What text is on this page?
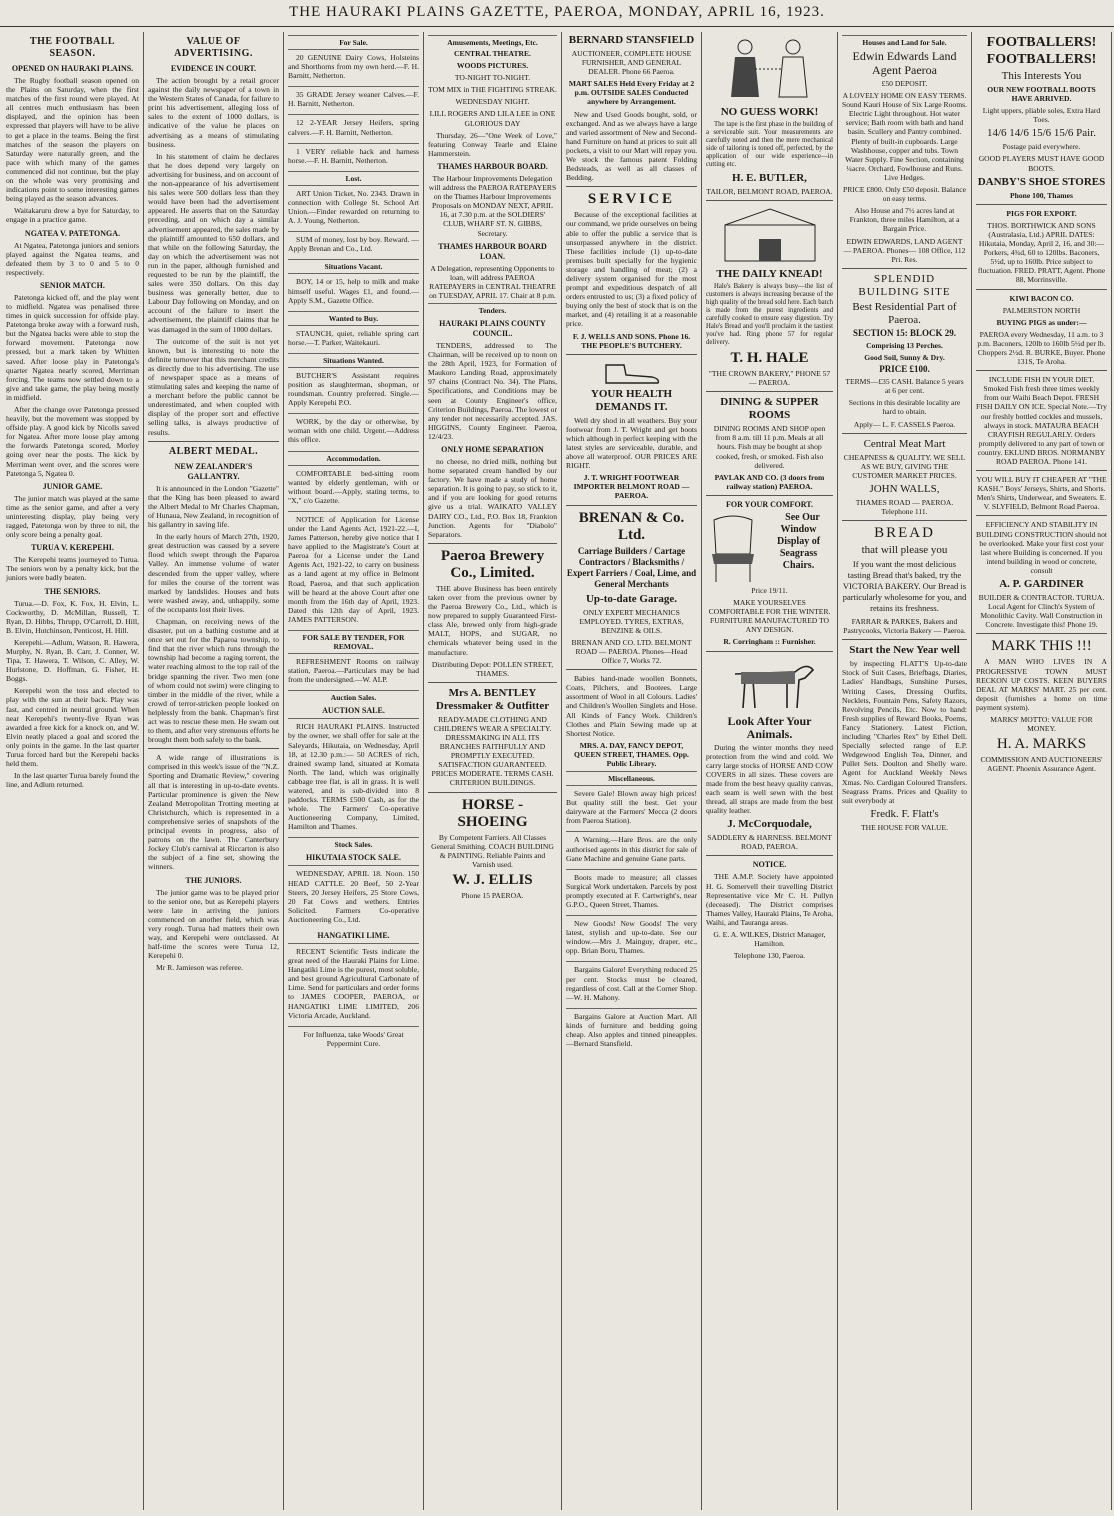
THE HAURAKI PLAINS GAZETTE, PAEROA, MONDAY, APRIL 16, 1923.
THE FOOTBALL SEASON.
OPENED ON HAURAKI PLAINS.

The Rugby football season opened on the Plains on Saturday, when the first matches of the first round were played. At all centres much enthusiasm has been displayed, and the opinion has been expressed that players will have to be alive to get a place in the teams. Being the first matches of the season the players on Saturday were naturally green, and the pace with which many of the games commenced did not continue, but the play on the whole was very promising and indications point to some interesting games being played as the season advances.

Waitakaruru drew a bye for Saturday, to engage in a practice game.

NGATEA V. PATETONGA.

At Ngatea, Patetonga juniors and seniors played against the Ngatea teams, and defeated them by 3 to 0 and 5 to 0 respectively.

SENIOR MATCH.

Patetonga kicked off, and the play went to midfield. Ngatea was penalised three times in quick succession for offside play. Patetonga broke away with a forward rush, but the Ngatea backs were able to stop the forward movement. Patetonga now pressed, but a mark taken by Whitten saved. After loose play in Patetonga's quarter Ngatea nearly scored, Merriman forcing. The teams now settled down to a give and take game, the play being mostly in midfield.

After the change over Patetonga pressed heavily, but the movement was stopped by offside play. A good kick by Nicolls saved for Ngatea. After more loose play among the forwards Patetonga scored, Morley going over near the posts. The kick by Merriman went over, and the scores were Patetonga 5, Ngatea 0.

JUNIOR GAME.

The junior match was played at the same time as the senior game, and after a very uninteresting display, play being very ragged, Patetonga won by three to nil, the only score being a penalty goal.

TURUA V. KEREPEHI.

The Kerepehi teams journeyed to Turua. The seniors won by a penalty kick, but the juniors were badly beaten.

THE SENIORS.

Turua.—D. Fox, K. Fox, H. Elvin, L. Cockworthy, D. McMillan, Russell, T. Ryan, D. Hibbs, Thrupp, O'Carroll, D. Hill, B. Elvin, Hutchinson, Penticost, H. Hill.

Kerepehi.—Adlum, Watson, R. Hawera, Murphy, N. Ryan, B. Carr, J. Conner, W. Tipa, T. Hawera, T. Wilson, C. Alley, W. Hurlstone, D. Hoffman, G. Fisher, H. Boggs.

Kerepehi won the toss and elected to play with the sun at their back. Play was fast, and centred in neutral ground. When near Kerepehi's twenty-five Ryan was awarded a free kick for a knock on, and W. Elvin neatly placed a goal and scored the only points in the game. In the last quarter Turua forced hard but the Kerepehi backs held them.

In the last quarter Turua barely found the line, and Adlum returned.

VALUE OF ADVERTISING.
EVIDENCE IN COURT.

The action brought by a retail grocer against the daily newspaper of a town in the Western States of Canada, for failure to print his advertisement, alleging loss of sales to the extent of 1000 dollars, is indicative of the value he places on advertising as a means of stimulating business.

In his statement of claim he declares that he does depend very largely on advertising for business, and on account of the non-appearance of his advertisement his sales were 500 dollars less than they would have been had the advertisement appeared. He asserts that on the Saturday preceding, and on which day a similar advertisement appeared, the sales made by the plaintiff amounted to 650 dollars, and that while on the following Saturday, the day on which the advertisement was not run in the paper, although furnished and requested to be run by the plaintiff, the sales were 350 dollars. On this day business was generally better, due to Labour Day following on Monday, and on account of the failure to insert the advertisement, the plaintiff claims that he was damaged in the sum of 1000 dollars.

The outcome of the suit is not yet known, but is interesting to note the definite turnover that this merchant credits as directly due to his advertising. The use of newspaper space as a means of stimulating sales and keeping the name of a merchant before the public cannot be underestimated, and when coupled with display of the proper sort and effective selling talks, is always productive of results.

ALBERT MEDAL.
NEW ZEALANDER'S GALLANTRY.

It is announced in the London "Gazette" that the King has been pleased to award the Albert Medal to Mr Charles Chapman, of Hunaua, New Zealand, in recognition of his gallantry in saving life.

In the early hours of March 27th, 1920, great destruction was caused by a severe flood which swept through the Paparoa Valley. An immense volume of water descended from the upper valley, where for miles the course of the torrent was marked by landslides. Houses and huts were washed away, and, unhappily, some of the occupants lost their lives.

Chapman, on receiving news of the disaster, put on a bathing costume and at once set out for the Paparoa township, to find that the river which runs through the township had become a raging torrent, the water reaching almost to the top rail of the bridge spanning the river. Two men (one of whom could not swim) were clinging to timber in the middle of the river, while a crowd of terror-stricken people looked on helplessly from the bank. Chapman's first act was to rescue these men. He swam out to them, and after very strenuous efforts he brought them both safely to the bank.

A wide range of illustrations is comprised in this week's issue of the "N.Z. Sporting and Dramatic Review," covering all that is interesting in up-to-date events. Particular prominence is given the New Zealand Metropolitan Trotting meeting at Christchurch, which is represented in a comprehensive series of snapshots of the principal events in progress, also of patrons on the lawn. The Canterbury Jockey Club's carnival at Riccarton is also the subject of a fine set, showing the winners.

THE JUNIORS.

The junior game was to be played prior to the senior one, but as Kerepehi players were late in arriving the juniors commenced on another field, which was very rough. Turua had matters their own way, and Kerepehi were outclassed. At half-time the scores were Turua 12, Kerepehi 0.

Mr R. Jamieson was referee.

For Sale.

20 GENUINE Dairy Cows, Holsteins and Shorthorns from my own herd.—F. H. Barnitt, Netherton.

35 GRADE Jersey weaner Calves.—F. H. Barnitt, Netherton.

12 2-YEAR Jersey Heifers, spring calvers.—F. H. Barnitt, Netherton.

1 VERY reliable hack and harness horse.—F. H. Barnitt, Netherton.

Lost.

ART Union Ticket, No. 2343. Drawn in connection with College St. School Art Union.—Finder rewarded on returning to A. J. Young, Netherton.

SUM of money, lost by boy. Reward. — Apply Brenan and Co., Ltd.

Situations Vacant.

BOY, 14 or 15, help to milk and make himself useful. Wages £1, and found.—Apply S.M., Gazette Office.

Wanted to Buy.

STAUNCH, quiet, reliable spring cart horse.—T. Parker, Waitekauri.

Situations Wanted.

BUTCHER'S Assistant requires position as slaughterman, shopman, or roundsman. Country preferred. Single.—Apply Kerepehi P.O.

WORK, by the day or otherwise, by woman with one child. Urgent.—Address this office.

Accommodation.

COMFORTABLE bed-sitting room wanted by elderly gentleman, with or without board.—Apply, stating terms, to "X," c/o Gazette.

NOTICE of Application for License under the Land Agents Act, 1921-22.—I, James Patterson, hereby give notice that I have applied to the Magistrate's Court at Paeroa for a License under the Land Agents Act, 1921-22, to carry on business as a land agent at my office in Belmont Road, Paeroa, and that such application will be heard at the above Court after one month from the 16th day of April, 1923. Dated this 12th day of April, 1923. JAMES PATTERSON.

FOR SALE BY TENDER, FOR REMOVAL.

REFRESHMENT Rooms on railway station, Paeroa.—Particulars may be had from the undersigned.—W. ALP.

Auction Sales.
AUCTION SALE.

RICH HAURAKI PLAINS. Instructed by the owner, we shall offer for sale at the Saleyards, Hikutaia, on Wednesday, April 18, at 12.30 p.m.:— 50 ACRES of rich, drained swamp land, situated at Komata North. The land, which was originally cabbage tree flat, is all in grass. It is well watered, and is sub-divided into 8 paddocks. TERMS £500 Cash, as for the whole. The Farmers' Co-operative Auctioneering Company, Limited, Hamilton and Thames.

Stock Sales.
HIKUTAIA STOCK SALE.

WEDNESDAY, APRIL 18. Noon. 150 HEAD CATTLE. 20 Beef, 50 2-Year Steers, 20 Jersey Heifers, 25 Store Cows, 20 Fat Cows and wethers. Entries Solicited. Farmers Co-operative Auctioneering Co., Ltd.

HANGATIKI LIME.

RECENT Scientific Tests indicate the great need of the Hauraki Plains for Lime. Hangatiki Lime is the purest, most soluble, and best ground Agricultural Carbonate of Lime. Send for particulars and order forms to JAMES COOPER, PAEROA, or HANGATIKI LIME LIMITED, 206 Victoria Arcade, Auckland.

For Influenza, take Woods' Great Peppermint Cure.

Amusements, Meetings, Etc.

CENTRAL THEATRE.

WOODS PICTURES.

TO-NIGHT TO-NIGHT.

TOM MIX in THE FIGHTING STREAK.

WEDNESDAY NIGHT.

LILL ROGERS AND LILA LEE in ONE GLORIOUS DAY

Thursday, 26—"One Week of Love," featuring Conway Tearle and Elaine Hammerstein.

THAMES HARBOUR BOARD.

The Harbour Improvements Delegation will address the PAEROA RATEPAYERS on the Thames Harbour Improvements Proposals on MONDAY NEXT, APRIL 16, at 7.30 p.m. at the SOLDIERS' CLUB, WHARF ST. N. GIBBS, Secretary.

THAMES HARBOUR BOARD LOAN.

A Delegation, representing Opponents to loan, will address PAEROA RATEPAYERS in CENTRAL THEATRE on TUESDAY, APRIL 17. Chair at 8 p.m.

Tenders.
HAURAKI PLAINS COUNTY COUNCIL.

TENDERS, addressed to The Chairman, will be received up to noon on the 28th April, 1923, for Formation of Maukoro Landing Road, approximately 97 chains (Contract No. 34). The Plans, Specifications, and Conditions may be seen at County Engineer's office, Criterion Buildings, Paeroa. The lowest or any tender not necessarily accepted. JAS. HIGGINS, County Engineer. Paeroa, 12/4/23.

ONLY HOME SEPARATION

no cheese, no dried milk, nothing but home separated cream handled by our factory. We have made a study of home separation. It is going to pay, so stick to it, and if you are looking for good returns give us a trial. WAIKATO VALLEY DAIRY CO., Ltd., P.O. Box 18, Frankton Junction. Agents for "Diabolo" Separators.

Paeroa Brewery Co., Limited.

THE above Business has been entirely taken over from the previous owner by the Paeroa Brewery Co., Ltd., which is now prepared to supply Guaranteed First-class Ale, brewed only from high-grade MALT, HOPS, and SUGAR, no chemicals whatever being used in the manufacture.

Distributing Depot: POLLEN STREET, THAMES.

Mrs A. BENTLEY Dressmaker & Outfitter

READY-MADE CLOTHING AND CHILDREN'S WEAR A SPECIALTY. DRESSMAKING IN ALL ITS BRANCHES FAITHFULLY AND PROMPTLY EXECUTED. SATISFACTION GUARANTEED. PRICES MODERATE. TERMS CASH. CRITERION BUILDINGS.

HORSE - SHOEING

By Competent Farriers. All Classes General Smithing. COACH BUILDING & PAINTING. Reliable Paints and Varnish used.

W. J. ELLIS

Phone 15 PAEROA.

BERNARD STANSFIELD

AUCTIONEER, COMPLETE HOUSE FURNISHER, AND GENERAL DEALER. Phone 66 Paeroa.

MART SALES Held Every Friday at 2 p.m. OUTSIDE SALES Conducted anywhere by Arrangement.

New and Used Goods bought, sold, or exchanged. And as we always have a large and varied assortment of New and Second-hand Furniture on hand at prices to suit all pockets, a visit to our Mart will repay you. We stock the famous patent Folding Bedsteads, as well as all classes of Bedding.

SERVICE

Because of the exceptional facilities at our command, we pride ourselves on being able to offer the public a service that is unsurpassed anywhere in the district. These facilities include (1) up-to-date premises built specially for the hygienic storage and handling of meat; (2) a delivery system organised for the most prompt and expeditious despatch of all orders entrusted to us; (3) a fixed policy of buying only the best of stock that is on the market, and (4) retailing it at a reasonable price.

F. J. WELLS AND SONS. Phone 16. THE PEOPLE'S BUTCHERY.

YOUR HEALTH DEMANDS IT.

Well dry shod in all weathers. Buy your footwear from J. T. Wright and get boots which although in perfect keeping with the latest styles are serviceable, durable, and above all waterproof. OUR PRICES ARE RIGHT.

J. T. WRIGHT FOOTWEAR IMPORTER BELMONT ROAD — PAEROA.

BRENAN & Co. Ltd.

Carriage Builders / Cartage Contractors / Blacksmiths / Expert Farriers / Coal, Lime, and General Merchants

Up-to-date Garage.

ONLY EXPERT MECHANICS EMPLOYED. TYRES, EXTRAS, BENZINE & OILS.

BRENAN AND CO. LTD. BELMONT ROAD — PAEROA. Phones—Head Office 7, Works 72.

Babies hand-made woollen Bonnets, Coats, Pilchers, and Bootees. Large assortment of Wool in all Colours. Ladies' and Children's Woollen Singlets and Hose. All Kinds of Fancy Work. Children's Clothes and Plain Sewing made up at Shortest Notice.

MRS. A. DAY, FANCY DEPOT, QUEEN STREET, THAMES. Opp. Public Library.

Miscellaneous.

Severe Gale! Blown away high prices! But quality still the best. Get your dairyware at the Farmers' Mecca (2 doors from Paeroa Station).

A Warning.—Hare Bros. are the only authorised agents in this district for sale of Gane Machine and genuine Gane parts.

Boots made to measure; all classes Surgical Work undertaken. Parcels by post promptly executed at F. Cartwright's, near G.P.O., Queen Street, Thames.

New Goods! New Goods! The very latest, stylish and up-to-date. See our window.—Mrs J. Mainguy, draper, etc., opp. Brian Boru, Thames.

Bargains Galore! Everything reduced 25 per cent. Stocks must be cleared, regardless of cost. Call at the Corner Shop.—W. H. Mahony.

Bargains Galore at Auction Mart. All kinds of furniture and bedding going cheap. Also apples and tinned pineapples.—Bernard Stansfield.

NO GUESS WORK!

The tape is the first phase in the building of a serviceable suit. Your measurements are carefully noted and then the mere mechanical side of tailoring is toned off, perfected, by the application of our wide experience—in cutting etc.

H. E. BUTLER,

TAILOR, BELMONT ROAD, PAEROA.

THE DAILY KNEAD!

Hale's Bakery is always busy—the list of customers is always increasing because of the high quality of the bread sold here. Each batch is made from the purest ingredients and carefully cooked to ensure easy digestion. Try Hale's Bread and you'll proclaim it the tastiest you've had. Ring phone 57 for regular delivery.

T. H. HALE

"THE CROWN BAKERY," PHONE 57 — PAEROA.

DINING & SUPPER ROOMS

DINING ROOMS AND SHOP open from 8 a.m. till 11 p.m. Meals at all hours. Fish may be bought at shop cooked, fresh, or smoked. Fish also delivered.

PAVLAK AND CO. (3 doors from railway station) PAEROA.

FOR YOUR COMFORT.

See Our Window Display of Seagrass Chairs.

Price 19/11.

MAKE YOURSELVES COMFORTABLE FOR THE WINTER. FURNITURE MANUFACTURED TO ANY DESIGN.

R. Corringham :: Furnisher.

Look After Your Animals.

During the winter months they need protection from the wind and cold. We carry large stocks of HORSE AND COW COVERS in all sizes. These covers are made from the best heavy quality canvas, each seam is well sewn with the best thread, all straps are made from the best quality leather.

J. McCorquodale,

SADDLERY & HARNESS. BELMONT ROAD, PAEROA.

NOTICE.

THE A.M.P. Society have appointed H. G. Somervell their travelling District Representative vice Mr C. H. Pullyn (deceased). The District comprises Thames Valley, Hauraki Plains, Te Aroha, Waihi, and Tauranga areas.

G. E. A. WILKES, District Manager, Hamilton.

Telephone 130, Paeroa.

Houses and Land for Sale.
Edwin Edwards Land Agent Paeroa

£50 DEPOSIT.

A LOVELY HOME ON EASY TERMS. Sound Kauri House of Six Large Rooms. Electric Light throughout. Hot water service; Bath room with bath and hand basin. Scullery and Pantry combined. Plenty of built-in cupboards. Large Washhouse, copper and tubs. Town Water Supply. Fine Section, containing ¼acre. Orchard, Fowlhouse and Runs. Live Hedges.

PRICE £800. Only £50 deposit. Balance on easy terms.

Also House and 7½ acres land at Frankton, three miles Hamilton, at a Bargain Price.

EDWIN EDWARDS, LAND AGENT — PAEROA. Phones— 108 Office, 112 Pri. Res.

SPLENDID BUILDING SITE
Best Residential Part of Paeroa.

SECTION 15: BLOCK 29.

Comprising 13 Perches.

Good Soil, Sunny & Dry.

PRICE £100.

TERMS—£35 CASH. Balance 5 years at 6 per cent.

Sections in this desirable locality are hard to obtain.

Apply— L. F. CASSELS Paeroa.

Central Meat Mart

CHEAPNESS & QUALITY. WE SELL AS WE BUY, GIVING THE CUSTOMER MARKET PRICES.

JOHN WALLS,

THAMES ROAD — PAEROA. Telephone 111.

BREAD
that will please you

If you want the most delicious tasting Bread that's baked, try the VICTORIA BAKERY. Our Bread is particularly wholesome for you, and retains its freshness.

FARRAR & PARKES, Bakers and Pastrycooks, Victoria Bakery — Paeroa.

Start the New Year well

by inspecting FLATT'S Up-to-date Stock of Suit Cases, Briefbags, Diaries, Ladies' Handbags, Sunshine Purses, Writing Cases, Dressing Outfits, Necklets, Fountain Pens, Safety Razors, Revolving Pencils, Etc. Now to hand: Fresh supplies of Reward Books, Poems, Fancy Stationery. Latest Fiction, including "Charles Rex" by Ethel Dell. Specially selected range of E.P. Wedgewood English Tea, Dinner, and Pullet Sets. Doulton and Shelly ware. Agent for Auckland Weekly News Xmas. No. Cardigan Coloured Transfers. Seagrass Prams. Prices and Quality to suit everybody at

Fredk. F. Flatt's

THE HOUSE FOR VALUE.

FOOTBALLERS! FOOTBALLERS!
This Interests You

OUR NEW FOOTBALL BOOTS HAVE ARRIVED.

Light uppers, pliable soles, Extra Hard Toes.

14/6 14/6 15/6 15/6 Pair.

Postage paid everywhere.

GOOD PLAYERS MUST HAVE GOOD BOOTS.

DANBY'S SHOE STORES

Phone 100, Thames

PIGS FOR EXPORT.

THOS. BORTHWICK AND SONS (Australasia, Ltd.) APRIL DATES: Hikutaia, Monday, April 2, 16, and 30:— Porkers, 4¾d, 60 to 120lbs. Baconers, 5½d, up to 160lb. Price subject to fluctuation. FRED. PRATT, Agent. Phone 88, Morrinsville.

KIWI BACON CO.

PALMERSTON NORTH

BUYING PIGS as under:—

PAEROA every Wednesday, 11 a.m. to 3 p.m. Baconers, 120lb to 160lb 5½d per lb. Choppers 2½d. R. BURKE, Buyer. Phone 131S, Te Aroha.

INCLUDE FISH IN YOUR DIET. Smoked Fish fresh three times weekly from our Waihi Beach Depot. FRESH FISH DAILY ON ICE. Special Note.—Try our freshly bottled cockles and mussels, always in stock. MATAURA BEACH CRAYFISH REGULARLY. Orders promptly delivered to any part of town or country. EKLUND BROS. NORMANBY ROAD PAEROA. Phone 141.

YOU WILL BUY IT CHEAPER AT "THE KASH." Boys' Jerseys, Shirts, and Shorts. Men's Shirts, Underwear, and Sweaters. E. V. SLYFIELD, Belmont Road Paeroa.

EFFICIENCY AND STABILITY IN BUILDING CONSTRUCTION should not be overlooked. Make your first cost your last where Building is concerned. If you intend building in wood or concrete, consult

A. P. GARDINER

BUILDER & CONTRACTOR. TURUA. Local Agent for Clinch's System of Monolithic Cavity. Wall Construction in Concrete. Investigate this! Phone 19.

MARK THIS !!!

A MAN WHO LIVES IN A PROGRESSIVE TOWN MUST RECKON UP COSTS. KEEN BUYERS DEAL AT MARKS' MART. 25 per cent. deposit (furnishes a home on time payment system).

MARKS' MOTTO: VALUE FOR MONEY.

H. A. MARKS

COMMISSION AND AUCTIONEERS' AGENT. Phoenix Assurance Agent.
